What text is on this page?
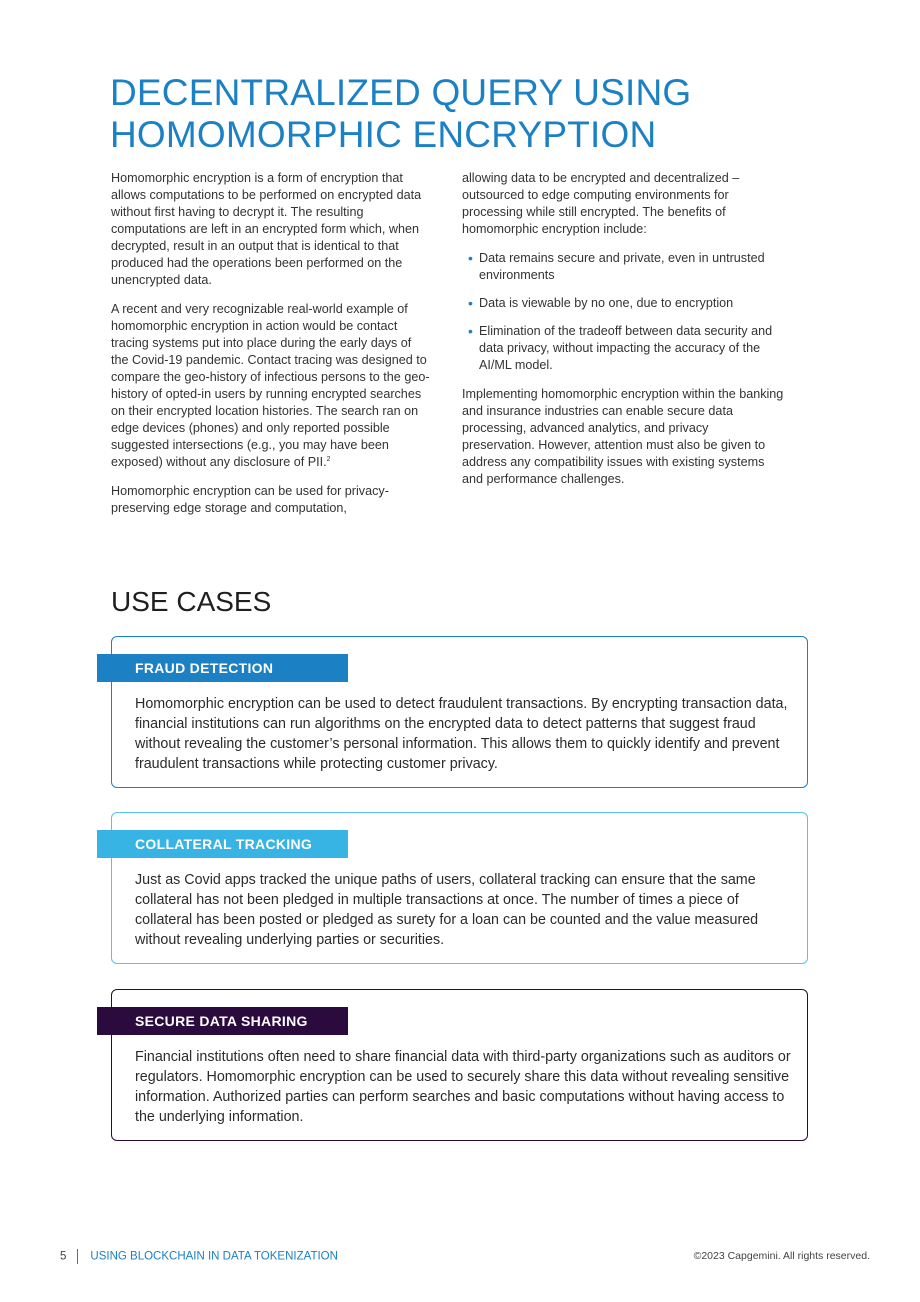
DECENTRALIZED QUERY USING HOMOMORPHIC ENCRYPTION

Homomorphic encryption is a form of encryption that allows computations to be performed on encrypted data without first having to decrypt it. The resulting computations are left in an encrypted form which, when decrypted, result in an output that is identical to that produced had the operations been performed on the unencrypted data.

A recent and very recognizable real-world example of homomorphic encryption in action would be contact tracing systems put into place during the early days of the Covid-19 pandemic. Contact tracing was designed to compare the geo-history of infectious persons to the geo-history of opted-in users by running encrypted searches on their encrypted location histories. The search ran on edge devices (phones) and only reported possible suggested intersections (e.g., you may have been exposed) without any disclosure of PII.$^2$

Homomorphic encryption can be used for privacy-preserving edge storage and computation,

allowing data to be encrypted and decentralized – outsourced to edge computing environments for processing while still encrypted. The benefits of homomorphic encryption include:

• Data remains secure and private, even in untrusted environments
• Data is viewable by no one, due to encryption
• Elimination of the tradeoff between data security and data privacy, without impacting the accuracy of the AI/ML model.

Implementing homomorphic encryption within the banking and insurance industries can enable secure data processing, advanced analytics, and privacy preservation. However, attention must also be given to address any compatibility issues with existing systems and performance challenges.

USE CASES
FRAUD DETECTION

Homomorphic encryption can be used to detect fraudulent transactions. By encrypting transaction data, financial institutions can run algorithms on the encrypted data to detect patterns that suggest fraud without revealing the customer’s personal information. This allows them to quickly identify and prevent fraudulent transactions while protecting customer privacy.

COLLATERAL TRACKING

Just as Covid apps tracked the unique paths of users, collateral tracking can ensure that the same collateral has not been pledged in multiple transactions at once. The number of times a piece of collateral has been posted or pledged as surety for a loan can be counted and the value measured without revealing underlying parties or securities.

SECURE DATA SHARING

Financial institutions often need to share financial data with third-party organizations such as auditors or regulators. Homomorphic encryption can be used to securely share this data without revealing sensitive information. Authorized parties can perform searches and basic computations without having access to the underlying information.

5 USING BLOCKCHAIN IN DATA TOKENIZATION	©2023 Capgemini. All rights reserved.
